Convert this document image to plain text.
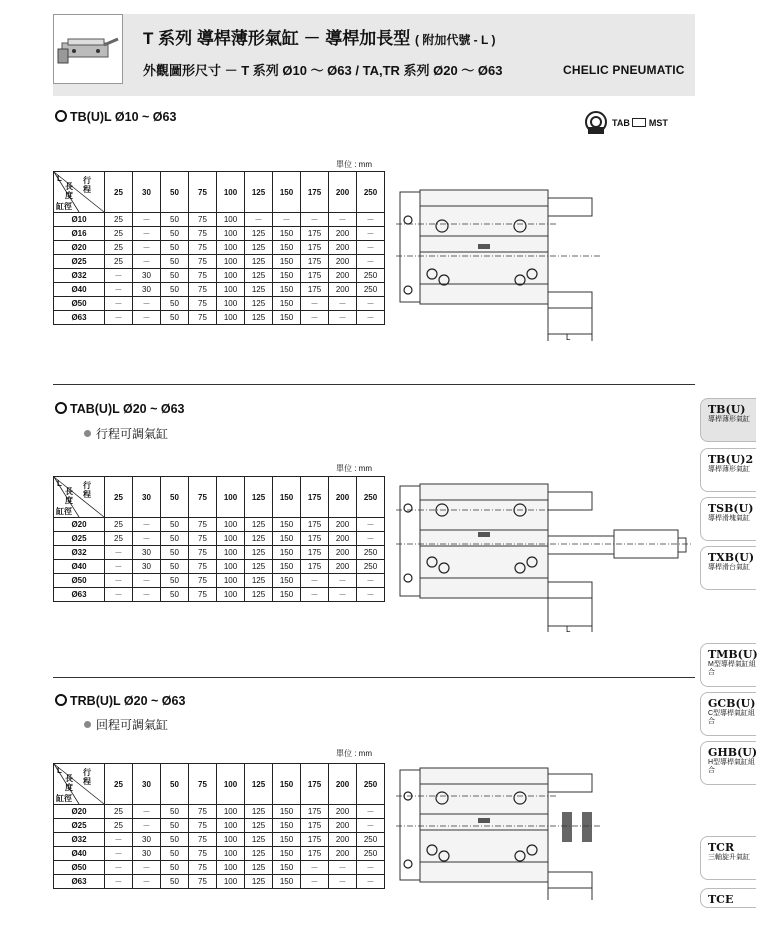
T 系列 導桿薄形氣缸 － 導桿加長型 ( 附加代號 - L )
外觀圖形尺寸 － T 系列 Ø10 ～ Ø63 / TA,TR 系列 Ø20 ～ Ø63	CHELIC PNEUMATIC
TAB MST
TB(U)L Ø10 ~ Ø63
TAB(U)L Ø20 ~ Ø63
行程可調氣缸
TRB(U)L Ø20 ~ Ø63
回程可調氣缸
單位 : mm
單位 : mm
單位 : mm
L
長度
行程
缸徑	25	30	50	75	100	125	150	175	200	250
Ø10	25	－	50	75	100	－	－	－	－	－
Ø16	25	－	50	75	100	125	150	175	200	－
Ø20	25	－	50	75	100	125	150	175	200	－
Ø25	25	－	50	75	100	125	150	175	200	－
Ø32	－	30	50	75	100	125	150	175	200	250
Ø40	－	30	50	75	100	125	150	175	200	250
Ø50	－	－	50	75	100	125	150	－	－	－
Ø63	－	－	50	75	100	125	150	－	－	－
L
長度
行程
缸徑	25	30	50	75	100	125	150	175	200	250
Ø20	25	－	50	75	100	125	150	175	200	－
Ø25	25	－	50	75	100	125	150	175	200	－
Ø32	－	30	50	75	100	125	150	175	200	250
Ø40	－	30	50	75	100	125	150	175	200	250
Ø50	－	－	50	75	100	125	150	－	－	－
Ø63	－	－	50	75	100	125	150	－	－	－
L
長度
行程
缸徑	25	30	50	75	100	125	150	175	200	250
Ø20	25	－	50	75	100	125	150	175	200	－
Ø25	25	－	50	75	100	125	150	175	200	－
Ø32	－	30	50	75	100	125	150	175	200	250
Ø40	－	30	50	75	100	125	150	175	200	250
Ø50	－	－	50	75	100	125	150	－	－	－
Ø63	－	－	50	75	100	125	150	－	－	－
L
L
TB(U)
導桿薄形氣缸
TB(U)2
導桿薄形氣缸
TSB(U)
導桿滑塊氣缸
TXB(U)
導桿滑台氣缸
TMB(U)
M型導桿氣缸組合
GCB(U)
C型導桿氣缸組合
GHB(U)
H型導桿氣缸組合
TCR
三軸旋升氣缸
TCE
